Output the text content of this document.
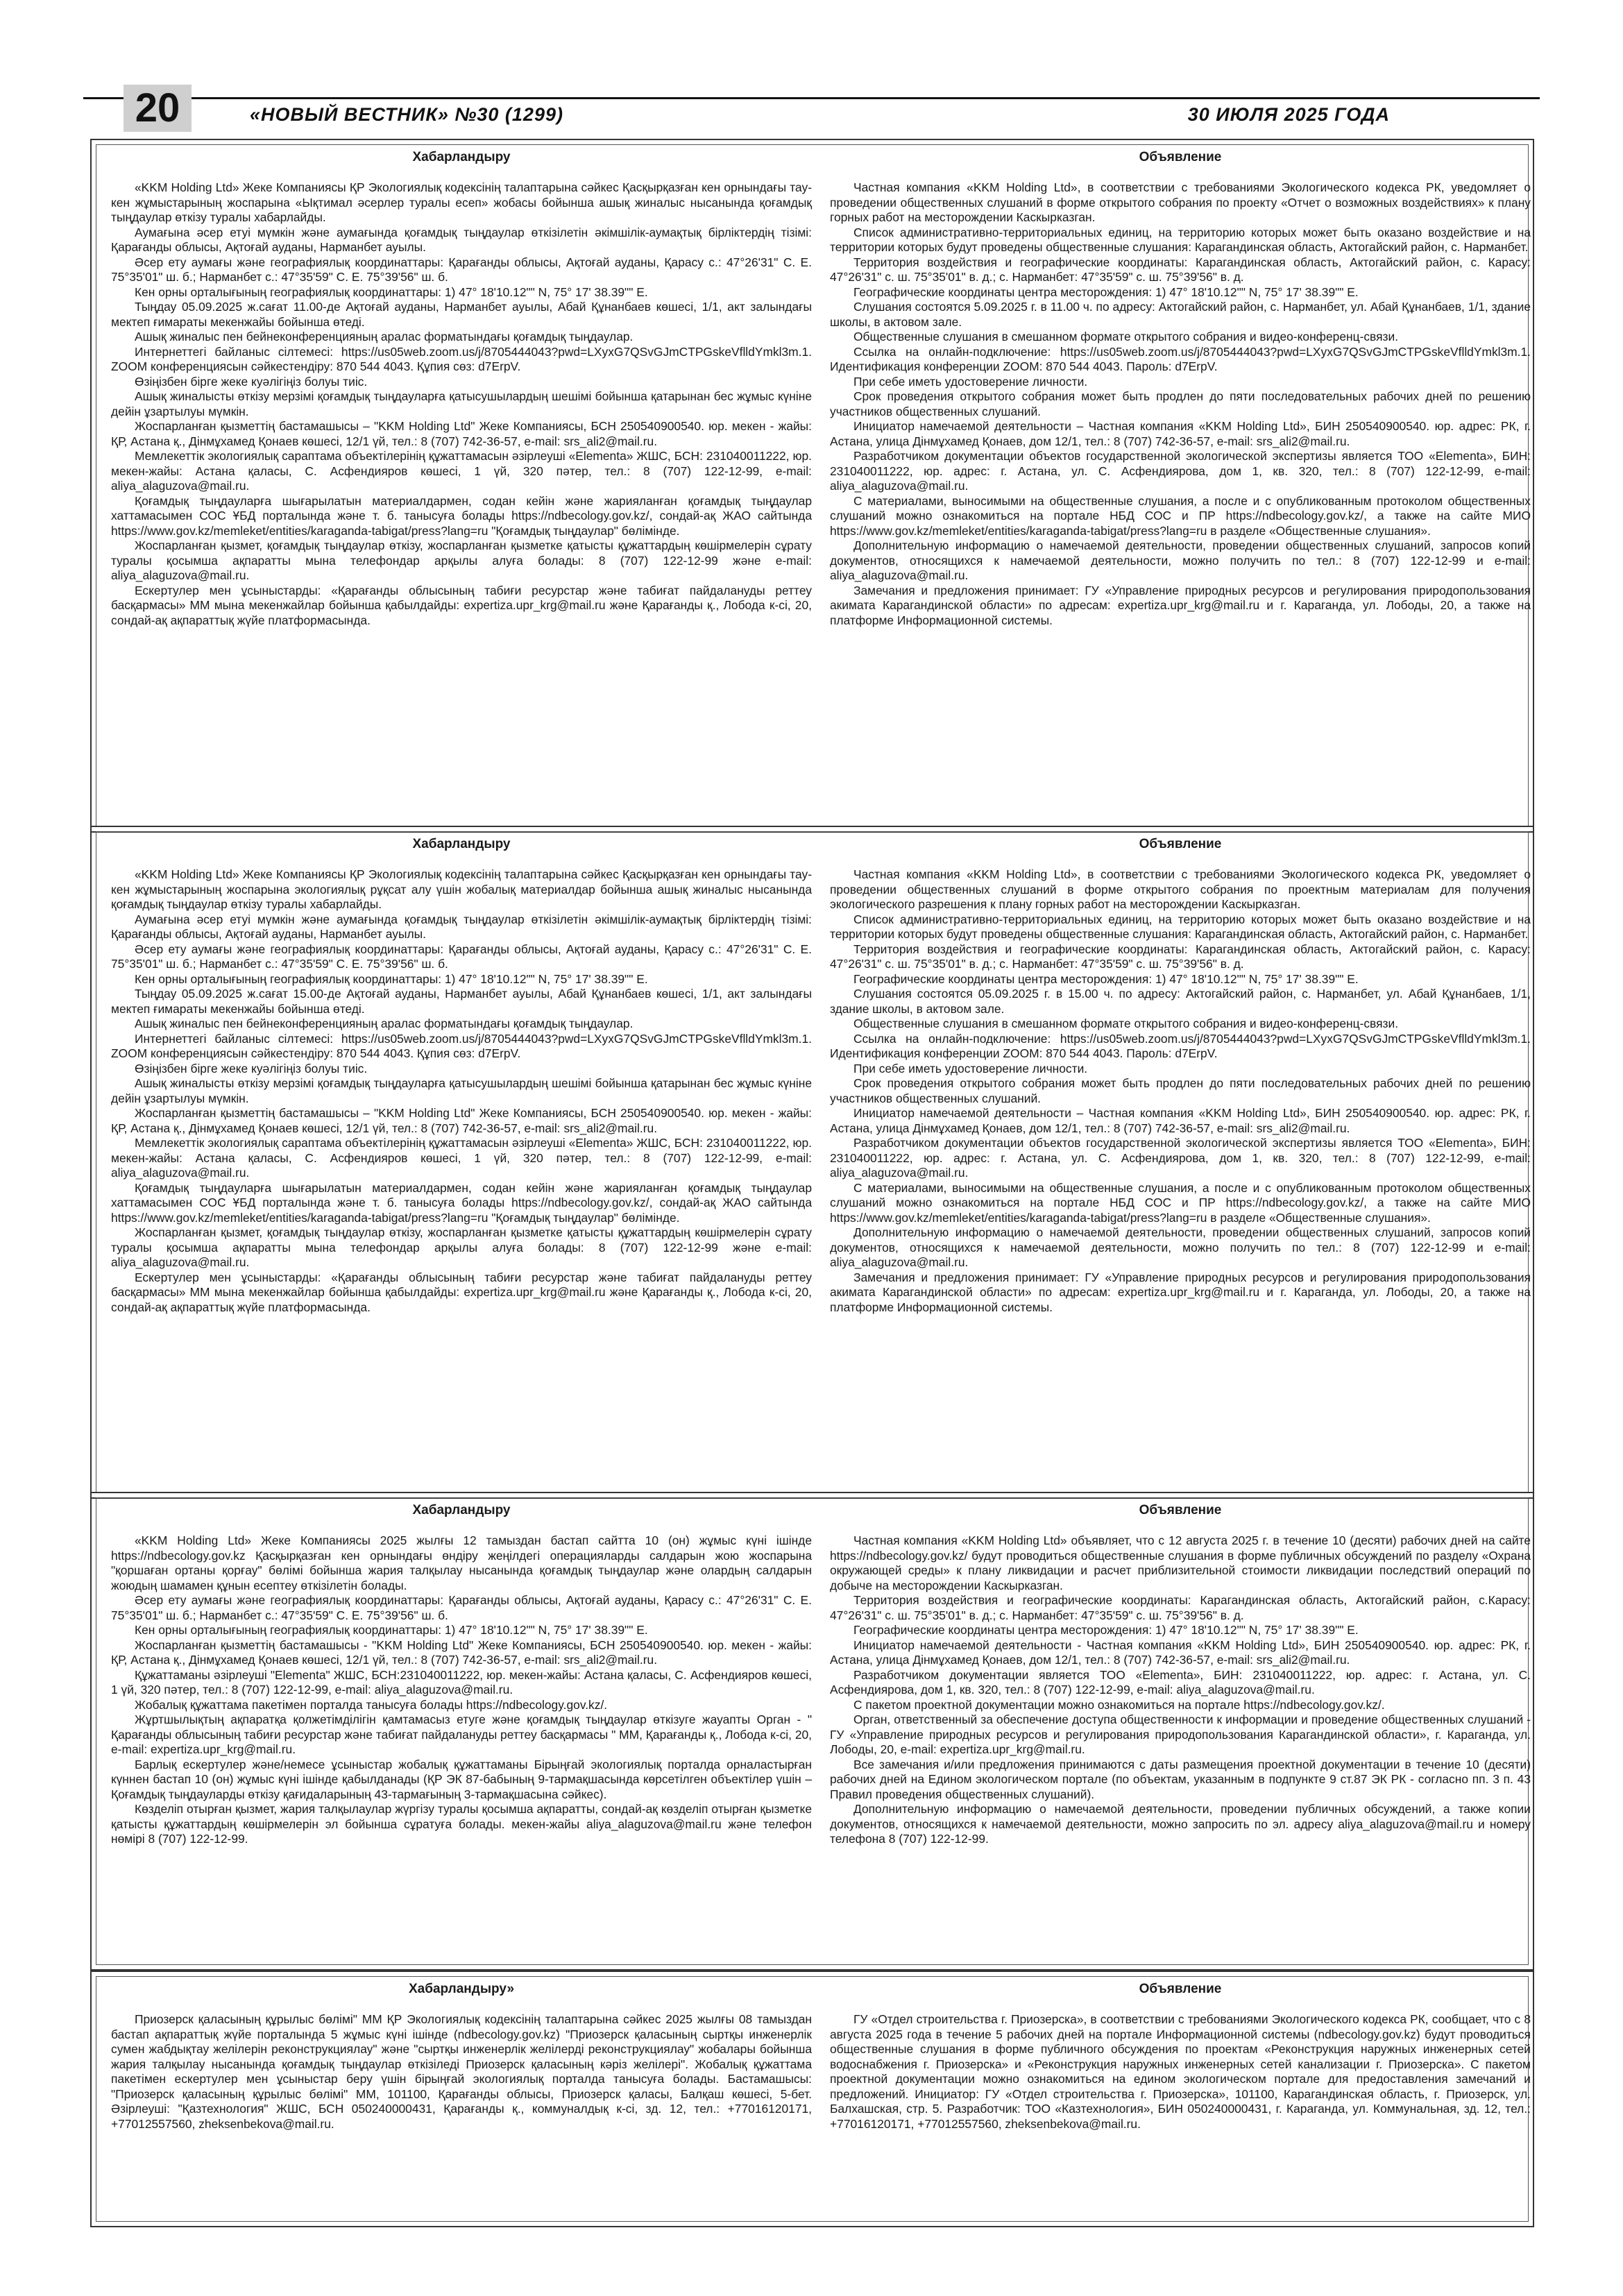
20	«НОВЫЙ ВЕСТНИК» №30 (1299)	30 ИЮЛЯ 2025 ГОДА
Хабарландыру

«KKM Holding Ltd» Жеке Компаниясы ҚР Экологиялық кодексінің талаптарына сәйкес Қасқырқазған кен орнындағы тау-кен жұмыстарының жоспарына «Ықтимал әсерлер туралы есеп» жобасы бойынша ашық жиналыс нысанында қоғамдық тыңдаулар өткізу туралы хабарлайды.

Аумағына әсер етуі мүмкін және аумағында қоғамдық тыңдаулар өткізілетін әкімшілік-аумақтық бірліктердің тізімі: Қарағанды облысы, Ақтоғай ауданы, Нарманбет ауылы.

Әсер ету аумағы және географиялық координаттары: Қарағанды облысы, Ақтоғай ауданы, Қарасу с.: 47°26'31" С. Е. 75°35'01" ш. б.; Нарманбет с.: 47°35'59" С. Е. 75°39'56" ш. б.

Кен орны орталығының географиялық координаттары: 1) 47° 18'10.12"" N, 75° 17' 38.39"" E.

Тыңдау 05.09.2025 ж.сағат 11.00-де Ақтоғай ауданы, Нарманбет ауылы, Абай Құнанбаев көшесі, 1/1, акт залындағы мектеп ғимараты мекенжайы бойынша өтеді.

Ашық жиналыс пен бейнеконференцияның аралас форматындағы қоғамдық тыңдаулар.

Интернеттегі байланыс сілтемесі: https://us05web.zoom.us/j/8705444043?pwd=LXyxG7QSvGJmCTPGskeVflldYmkl3m.1. ZOOM конференциясын сәйкестендіру: 870 544 4043. Құпия сөз: d7ErpV.

Өзіңізбен бірге жеке куәлігіңіз болуы тиіс.

Ашық жиналысты өткізу мерзімі қоғамдық тыңдауларға қатысушылардың шешімі бойынша қатарынан бес жұмыс күніне дейін ұзартылуы мүмкін.

Жоспарланған қызметтің бастамашысы – "KKM Holding Ltd" Жеке Компаниясы, БСН 250540900540. юр. мекен - жайы: ҚР, Астана қ., Дінмұхамед Қонаев көшесі, 12/1 үй, тел.: 8 (707) 742-36-57, e-mail: srs_ali2@mail.ru.

Мемлекеттік экологиялық сараптама объектілерінің құжаттамасын әзірлеуші «Elementa» ЖШС, БСН: 231040011222, юр. мекен-жайы: Астана қаласы, С. Асфендияров көшесі, 1 үй, 320 пәтер, тел.: 8 (707) 122-12-99, e-mail: aliya_alaguzova@mail.ru.

Қоғамдық тыңдауларға шығарылатын материалдармен, содан кейін және жарияланған қоғамдық тыңдаулар хаттамасымен СОС ҰБД порталында және т. б. танысуға болады https://ndbecology.gov.kz/, сондай-ақ ЖАО сайтында https://www.gov.kz/memleket/entities/karaganda-tabigat/press?lang=ru "Қоғамдық тыңдаулар" бөлімінде.

Жоспарланған қызмет, қоғамдық тыңдаулар өткізу, жоспарланған қызметке қатысты құжаттардың көшірмелерін сұрату туралы қосымша ақпаратты мына телефондар арқылы алуға болады: 8 (707) 122-12-99 және e-mail: aliya_alaguzova@mail.ru.

Ескертулер мен ұсыныстарды: «Қарағанды облысының табиғи ресурстар және табиғат пайдалануды реттеу басқармасы» ММ мына мекенжайлар бойынша қабылдайды: expertiza.upr_krg@mail.ru және Қарағанды қ., Лобода к-сі, 20, сондай-ақ ақпараттық жүйе платформасында.

Объявление

Частная компания «KKM Holding Ltd», в соответствии с требованиями Экологического кодекса РК, уведомляет о проведении общественных слушаний в форме открытого собрания по проекту «Отчет о возможных воздействиях» к плану горных работ на месторождении Каскырказган.

Список административно-территориальных единиц, на территорию которых может быть оказано воздействие и на территории которых будут проведены общественные слушания: Карагандинская область, Актогайский район, с. Нарманбет.

Территория воздействия и географические координаты: Карагандинская область, Актогайский район, с. Карасу: 47°26'31" с. ш. 75°35'01" в. д.; с. Нарманбет: 47°35'59" с. ш. 75°39'56" в. д.

Географические координаты центра месторождения: 1) 47° 18'10.12"" N, 75° 17' 38.39"" E.

Слушания состоятся 5.09.2025 г. в 11.00 ч. по адресу: Актогайский район, с. Нарманбет, ул. Абай Құнанбаев, 1/1, здание школы, в актовом зале.

Общественные слушания в смешанном формате открытого собрания и видео-конференц-связи.

Ссылка на онлайн-подключение: https://us05web.zoom.us/j/8705444043?pwd=LXyxG7QSvGJmCTPGskeVflldYmkl3m.1. Идентификация конференции ZOOM: 870 544 4043. Пароль: d7ErpV.

При себе иметь удостоверение личности.

Срок проведения открытого собрания может быть продлен до пяти последовательных рабочих дней по решению участников общественных слушаний.

Инициатор намечаемой деятельности – Частная компания «KKM Holding Ltd», БИН 250540900540. юр. адрес: РК, г. Астана, улица Дінмұхамед Қонаев, дом 12/1, тел.: 8 (707) 742-36-57, e-mail: srs_ali2@mail.ru.

Разработчиком документации объектов государственной экологической экспертизы является ТОО «Elementa», БИН: 231040011222, юр. адрес: г. Астана, ул. С. Асфендиярова, дом 1, кв. 320, тел.: 8 (707) 122-12-99, e-mail: aliya_alaguzova@mail.ru.

С материалами, выносимыми на общественные слушания, а после и с опубликованным протоколом общественных слушаний можно ознакомиться на портале НБД СОС и ПР https://ndbecology.gov.kz/, а также на сайте МИО https://www.gov.kz/memleket/entities/karaganda-tabigat/press?lang=ru в разделе «Общественные слушания».

Дополнительную информацию о намечаемой деятельности, проведении общественных слушаний, запросов копий документов, относящихся к намечаемой деятельности, можно получить по тел.: 8 (707) 122-12-99 и e-mail: aliya_alaguzova@mail.ru.

Замечания и предложения принимает: ГУ «Управление природных ресурсов и регулирования природопользования акимата Карагандинской области» по адресам: expertiza.upr_krg@mail.ru и г. Караганда, ул. Лободы, 20, а также на платформе Информационной системы.

Хабарландыру

«KKM Holding Ltd» Жеке Компаниясы ҚР Экологиялық кодексінің талаптарына сәйкес Қасқырқазған кен орнындағы тау-кен жұмыстарының жоспарына экологиялық рұқсат алу үшін жобалық материалдар бойынша ашық жиналыс нысанында қоғамдық тыңдаулар өткізу туралы хабарлайды.

Аумағына әсер етуі мүмкін және аумағында қоғамдық тыңдаулар өткізілетін әкімшілік-аумақтық бірліктердің тізімі: Қарағанды облысы, Ақтоғай ауданы, Нарманбет ауылы.

Әсер ету аумағы және географиялық координаттары: Қарағанды облысы, Ақтоғай ауданы, Қарасу с.: 47°26'31" С. Е. 75°35'01" ш. б.; Нарманбет с.: 47°35'59" С. Е. 75°39'56" ш. б.

Кен орны орталығының географиялық координаттары: 1) 47° 18'10.12"" N, 75° 17' 38.39"" E.

Тыңдау 05.09.2025 ж.сағат 15.00-де Ақтоғай ауданы, Нарманбет ауылы, Абай Құнанбаев көшесі, 1/1, акт залындағы мектеп ғимараты мекенжайы бойынша өтеді.

Ашық жиналыс пен бейнеконференцияның аралас форматындағы қоғамдық тыңдаулар.

Интернеттегі байланыс сілтемесі: https://us05web.zoom.us/j/8705444043?pwd=LXyxG7QSvGJmCTPGskeVflldYmkl3m.1. ZOOM конференциясын сәйкестендіру: 870 544 4043. Құпия сөз: d7ErpV.

Өзіңізбен бірге жеке куәлігіңіз болуы тиіс.

Ашық жиналысты өткізу мерзімі қоғамдық тыңдауларға қатысушылардың шешімі бойынша қатарынан бес жұмыс күніне дейін ұзартылуы мүмкін.

Жоспарланған қызметтің бастамашысы – "KKM Holding Ltd" Жеке Компаниясы, БСН 250540900540. юр. мекен - жайы: ҚР, Астана қ., Дінмұхамед Қонаев көшесі, 12/1 үй, тел.: 8 (707) 742-36-57, e-mail: srs_ali2@mail.ru.

Мемлекеттік экологиялық сараптама объектілерінің құжаттамасын әзірлеуші «Elementa» ЖШС, БСН: 231040011222, юр. мекен-жайы: Астана қаласы, С. Асфендияров көшесі, 1 үй, 320 пәтер, тел.: 8 (707) 122-12-99, e-mail: aliya_alaguzova@mail.ru.

Қоғамдық тыңдауларға шығарылатын материалдармен, содан кейін және жарияланған қоғамдық тыңдаулар хаттамасымен СОС ҰБД порталында және т. б. танысуға болады https://ndbecology.gov.kz/, сондай-ақ ЖАО сайтында https://www.gov.kz/memleket/entities/karaganda-tabigat/press?lang=ru "Қоғамдық тыңдаулар" бөлімінде.

Жоспарланған қызмет, қоғамдық тыңдаулар өткізу, жоспарланған қызметке қатысты құжаттардың көшірмелерін сұрату туралы қосымша ақпаратты мына телефондар арқылы алуға болады: 8 (707) 122-12-99 және e-mail: aliya_alaguzova@mail.ru.

Ескертулер мен ұсыныстарды: «Қарағанды облысының табиғи ресурстар және табиғат пайдалануды реттеу басқармасы» ММ мына мекенжайлар бойынша қабылдайды: expertiza.upr_krg@mail.ru және Қарағанды қ., Лобода к-сі, 20, сондай-ақ ақпараттық жүйе платформасында.

Объявление

Частная компания «KKM Holding Ltd», в соответствии с требованиями Экологического кодекса РК, уведомляет о проведении общественных слушаний в форме открытого собрания по проектным материалам для получения экологического разрешения к плану горных работ на месторождении Каскырказган.

Список административно-территориальных единиц, на территорию которых может быть оказано воздействие и на территории которых будут проведены общественные слушания: Карагандинская область, Актогайский район, с. Нарманбет.

Территория воздействия и географические координаты: Карагандинская область, Актогайский район, с. Карасу: 47°26'31" с. ш. 75°35'01" в. д.; с. Нарманбет: 47°35'59" с. ш. 75°39'56" в. д.

Географические координаты центра месторождения: 1) 47° 18'10.12"" N, 75° 17' 38.39"" E.

Слушания состоятся 05.09.2025 г. в 15.00 ч. по адресу: Актогайский район, с. Нарманбет, ул. Абай Құнанбаев, 1/1, здание школы, в актовом зале.

Общественные слушания в смешанном формате открытого собрания и видео-конференц-связи.

Ссылка на онлайн-подключение: https://us05web.zoom.us/j/8705444043?pwd=LXyxG7QSvGJmCTPGskeVflldYmkl3m.1. Идентификация конференции ZOOM: 870 544 4043. Пароль: d7ErpV.

При себе иметь удостоверение личности.

Срок проведения открытого собрания может быть продлен до пяти последовательных рабочих дней по решению участников общественных слушаний.

Инициатор намечаемой деятельности – Частная компания «KKM Holding Ltd», БИН 250540900540. юр. адрес: РК, г. Астана, улица Дінмұхамед Қонаев, дом 12/1, тел.: 8 (707) 742-36-57, e-mail: srs_ali2@mail.ru.

Разработчиком документации объектов государственной экологической экспертизы является ТОО «Elementa», БИН: 231040011222, юр. адрес: г. Астана, ул. С. Асфендиярова, дом 1, кв. 320, тел.: 8 (707) 122-12-99, e-mail: aliya_alaguzova@mail.ru.

С материалами, выносимыми на общественные слушания, а после и с опубликованным протоколом общественных слушаний можно ознакомиться на портале НБД СОС и ПР https://ndbecology.gov.kz/, а также на сайте МИО https://www.gov.kz/memleket/entities/karaganda-tabigat/press?lang=ru в разделе «Общественные слушания».

Дополнительную информацию о намечаемой деятельности, проведении общественных слушаний, запросов копий документов, относящихся к намечаемой деятельности, можно получить по тел.: 8 (707) 122-12-99 и e-mail: aliya_alaguzova@mail.ru.

Замечания и предложения принимает: ГУ «Управление природных ресурсов и регулирования природопользования акимата Карагандинской области» по адресам: expertiza.upr_krg@mail.ru и г. Караганда, ул. Лободы, 20, а также на платформе Информационной системы.

Хабарландыру

«KKM Holding Ltd» Жеке Компаниясы 2025 жылғы 12 тамыздан бастап сайтта 10 (он) жұмыс күні ішінде https://ndbecology.gov.kz Қасқырқазған кен орнындағы өндіру жеңілдегі операцияларды салдарын жою жоспарына "қоршаған ортаны қорғау" бөлімі бойынша жария талқылау нысанында қоғамдық тыңдаулар және олардың салдарын жоюдың шамамен құнын есептеу өткізілетін болады.

Әсер ету аумағы және географиялық координаттары: Қарағанды облысы, Ақтоғай ауданы, Қарасу с.: 47°26'31" С. Е. 75°35'01" ш. б.; Нарманбет с.: 47°35'59" С. Е. 75°39'56" ш. б.

Кен орны орталығының географиялық координаттары: 1) 47° 18'10.12"" N, 75° 17' 38.39"" E.

Жоспарланған қызметтің бастамашысы - "KKM Holding Ltd" Жеке Компаниясы, БСН 250540900540. юр. мекен - жайы: ҚР, Астана қ., Дінмұхамед Қонаев көшесі, 12/1 үй, тел.: 8 (707) 742-36-57, e-mail: srs_ali2@mail.ru.

Құжаттаманы әзірлеуші "Elementa" ЖШС, БСН:231040011222, юр. мекен-жайы: Астана қаласы, С. Асфендияров көшесі, 1 үй, 320 пәтер, тел.: 8 (707) 122-12-99, e-mail: aliya_alaguzova@mail.ru.

Жобалық құжаттама пакетімен порталда танысуға болады https://ndbecology.gov.kz/.

Жұртшылықтың ақпаратқа қолжетімділігін қамтамасыз етуге және қоғамдық тыңдаулар өткізуге жауапты Орган - " Қарағанды облысының табиғи ресурстар және табиғат пайдалануды реттеу басқармасы " ММ, Қарағанды қ., Лобода к-сі, 20, e-mail: expertiza.upr_krg@mail.ru.

Барлық ескертулер және/немесе ұсыныстар жобалық құжаттаманы Бірыңғай экологиялық порталда орналастырған күннен бастап 10 (он) жұмыс күні ішінде қабылданады (ҚР ЭК 87-бабының 9-тармақшасында көрсетілген объектілер үшін – Қоғамдық тыңдауларды өткізу қағидаларының 43-тармағының 3-тармақшасына сәйкес).

Көзделіп отырған қызмет, жария талқылаулар жүргізу туралы қосымша ақпаратты, сондай-ақ көзделіп отырған қызметке қатысты құжаттардың көшірмелерін эл бойынша сұратуға болады. мекен-жайы aliya_alaguzova@mail.ru және телефон нөмірі 8 (707) 122-12-99.

Объявление

Частная компания «KKM Holding Ltd» объявляет, что с 12 августа 2025 г. в течение 10 (десяти) рабочих дней на сайте https://ndbecology.gov.kz/ будут проводиться общественные слушания в форме публичных обсуждений по разделу «Охрана окружающей среды» к плану ликвидации и расчет приблизительной стоимости ликвидации последствий операций по добыче на месторождении Каскырказган.

Территория воздействия и географические координаты: Карагандинская область, Актогайский район, с.Карасу: 47°26'31" с. ш. 75°35'01" в. д.; с. Нарманбет: 47°35'59" с. ш. 75°39'56" в. д.

Географические координаты центра месторождения: 1) 47° 18'10.12"" N, 75° 17' 38.39"" E.

Инициатор намечаемой деятельности - Частная компания «KKM Holding Ltd», БИН 250540900540. юр. адрес: РК, г. Астана, улица Дінмұхамед Қонаев, дом 12/1, тел.: 8 (707) 742-36-57, e-mail: srs_ali2@mail.ru.

Разработчиком документации является ТОО «Elementa», БИН: 231040011222, юр. адрес: г. Астана, ул. С. Асфендиярова, дом 1, кв. 320, тел.: 8 (707) 122-12-99, e-mail: aliya_alaguzova@mail.ru.

С пакетом проектной документации можно ознакомиться на портале https://ndbecology.gov.kz/.

Орган, ответственный за обеспечение доступа общественности к информации и проведение общественных слушаний - ГУ «Управление природных ресурсов и регулирования природопользования Карагандинской области», г. Караганда, ул. Лободы, 20, e-mail: expertiza.upr_krg@mail.ru.

Все замечания и/или предложения принимаются с даты размещения проектной документации в течение 10 (десяти) рабочих дней на Едином экологическом портале (по объектам, указанным в подпункте 9 ст.87 ЭК РК - согласно пп. 3 п. 43 Правил проведения общественных слушаний).

Дополнительную информацию о намечаемой деятельности, проведении публичных обсуждений, а также копии документов, относящихся к намечаемой деятельности, можно запросить по эл. адресу aliya_alaguzova@mail.ru и номеру телефона 8 (707) 122-12-99.

Хабарландыру»

Приозерск қаласының құрылыс бөлімі" ММ ҚР Экологиялық кодексінің талаптарына сәйкес 2025 жылғы 08 тамыздан бастап ақпараттық жүйе порталында 5 жұмыс күні ішінде (ndbecology.gov.kz) "Приозерск қаласының сыртқы инженерлік сумен жабдықтау желілерін реконструкциялау" және "сыртқы инженерлік желілерді реконструкциялау" жобалары бойынша жария талқылау нысанында қоғамдық тыңдаулар өткізіледі Приозерск қаласының кәріз желілері". Жобалық құжаттама пакетімен ескертулер мен ұсыныстар беру үшін бірыңғай экологиялық порталда танысуға болады. Бастамашысы: "Приозерск қаласының құрылыс бөлімі" ММ, 101100, Қарағанды облысы, Приозерск қаласы, Балқаш көшесі, 5-бет. Әзірлеуші: "Қазтехнология" ЖШС, БСН 050240000431, Қарағанды қ., коммуналдық к-сі, зд. 12, тел.: +77016120171, +77012557560, zheksenbekova@mail.ru.

Объявление

ГУ «Отдел строительства г. Приозерска», в соответствии с требованиями Экологического кодекса РК, сообщает, что с 8 августа 2025 года в течение 5 рабочих дней на портале Информационной системы (ndbecology.gov.kz) будут проводиться общественные слушания в форме публичного обсуждения по проектам «Реконструкция наружных инженерных сетей водоснабжения г. Приозерска» и «Реконструкция наружных инженерных сетей канализации г. Приозерска». С пакетом проектной документации можно ознакомиться на едином экологическом портале для предоставления замечаний и предложений. Инициатор: ГУ «Отдел строительства г. Приозерска», 101100, Карагандинская область, г. Приозерск, ул. Балхашская, стр. 5. Разработчик: ТОО «Казтехнология», БИН 050240000431, г. Караганда, ул. Коммунальная, зд. 12, тел.: +77016120171, +77012557560, zheksenbekova@mail.ru.
